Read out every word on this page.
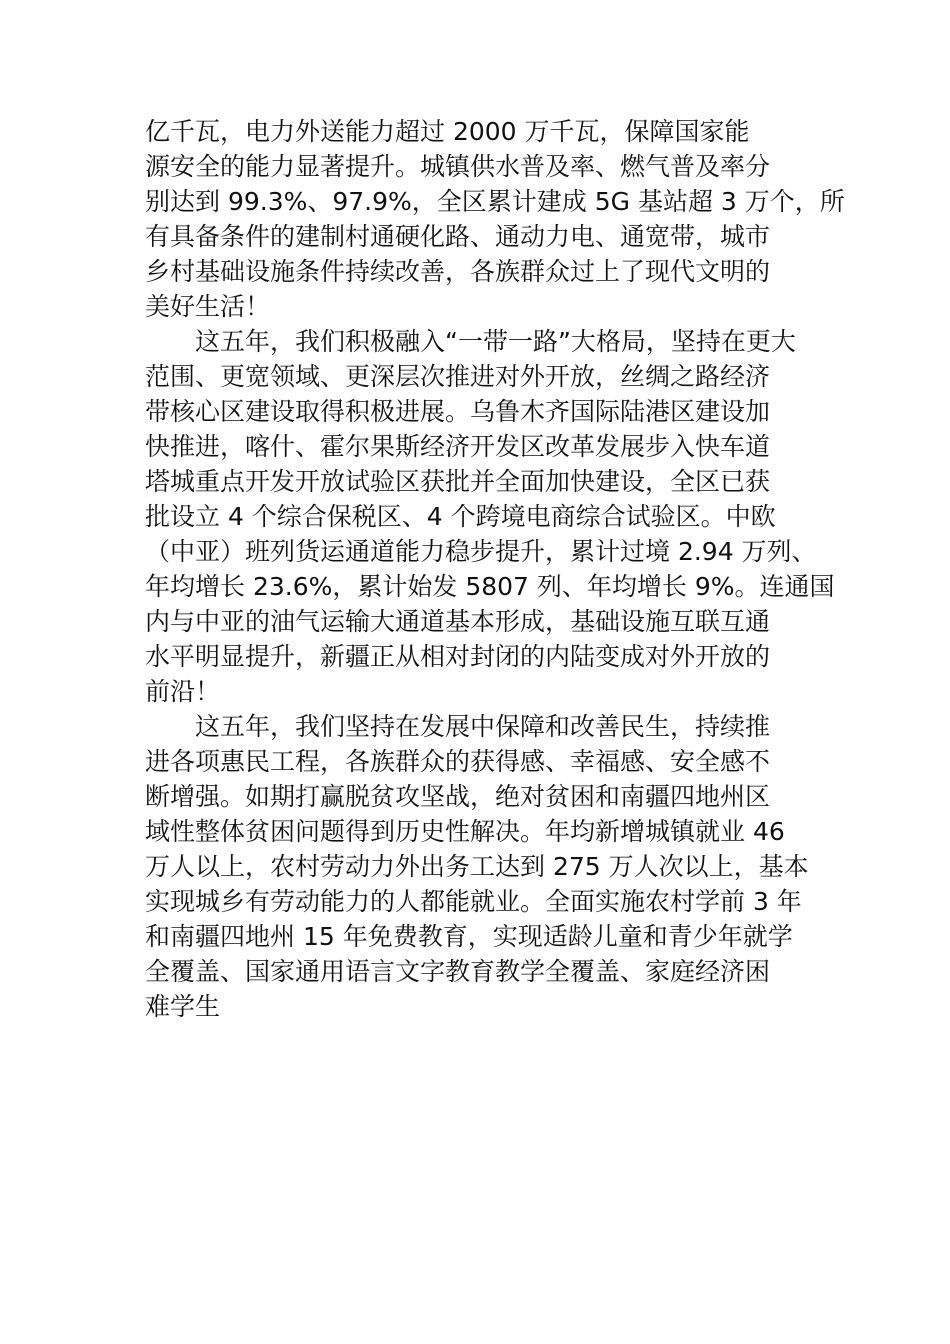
亿千瓦，电力外送能力超过 2000 万千瓦，保障国家能
源安全的能力显著提升。城镇供水普及率、燃气普及率分
别达到 99.3%、97.9%，全区累计建成 5G 基站超 3 万个，所
有具备条件的建制村通硬化路、通动力电、通宽带，城市
乡村基础设施条件持续改善，各族群众过上了现代文明的
美好生活！
这五年，我们积极融入“一带一路”大格局，坚持在更大
范围、更宽领域、更深层次推进对外开放，丝绸之路经济
带核心区建设取得积极进展。乌鲁木齐国际陆港区建设加
快推进，喀什、霍尔果斯经济开发区改革发展步入快车道
塔城重点开发开放试验区获批并全面加快建设，全区已获
批设立 4 个综合保税区、4 个跨境电商综合试验区。中欧
（中亚）班列货运通道能力稳步提升，累计过境 2.94 万列、
年均增长 23.6%，累计始发 5807 列、年均增长 9%。连通国
内与中亚的油气运输大通道基本形成，基础设施互联互通
水平明显提升，新疆正从相对封闭的内陆变成对外开放的
前沿！
这五年，我们坚持在发展中保障和改善民生，持续推
进各项惠民工程，各族群众的获得感、幸福感、安全感不
断增强。如期打赢脱贫攻坚战，绝对贫困和南疆四地州区
域性整体贫困问题得到历史性解决。年均新增城镇就业 46
万人以上，农村劳动力外出务工达到 275 万人次以上，基本
实现城乡有劳动能力的人都能就业。全面实施农村学前 3 年
和南疆四地州 15 年免费教育，实现适龄儿童和青少年就学
全覆盖、国家通用语言文字教育教学全覆盖、家庭经济困
难学生
